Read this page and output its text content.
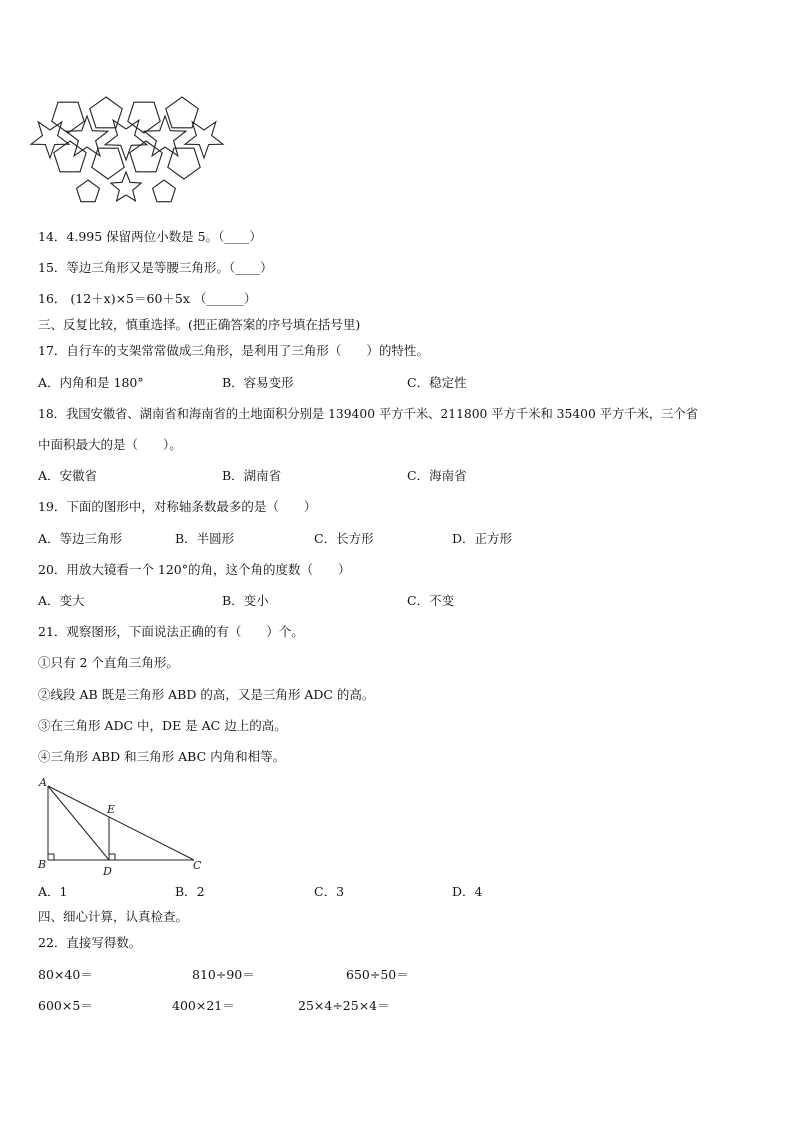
14．4.995 保留两位小数是 5。（____）
15．等边三角形又是等腰三角形。（____）
16． (12＋x)×5＝60＋5x （______）
三、反复比较，慎重选择。(把正确答案的序号填在括号里)
17．自行车的支架常常做成三角形，是利用了三角形（　　）的特性。
A．内角和是 180°	B．容易变形	C．稳定性
18．我国安徽省、湖南省和海南省的土地面积分别是 139400 平方千米、211800 平方千米和 35400 平方千米，三个省
中面积最大的是（　　）。
A．安徽省	B．湖南省	C．海南省
19．下面的图形中，对称轴条数最多的是（　　）
A．等边三角形	B．半圆形	C．长方形	D．正方形
20．用放大镜看一个 120°的角，这个角的度数（　　）
A．变大	B．变小	C．不变
21．观察图形，下面说法正确的有（　　）个。
①只有 2 个直角三角形。
②线段 AB 既是三角形 ABD 的高，又是三角形 ADC 的高。
③在三角形 ADC 中，DE 是 AC 边上的高。
④三角形 ABD 和三角形 ABC 内角和相等。
A
B	C
D
E
A．1	B．2	C．3	D．4
四、细心计算，认真检查。
22．直接写得数。
80×40＝	810÷90＝	650÷50＝
600×5＝	400×21＝	25×4÷25×4＝
